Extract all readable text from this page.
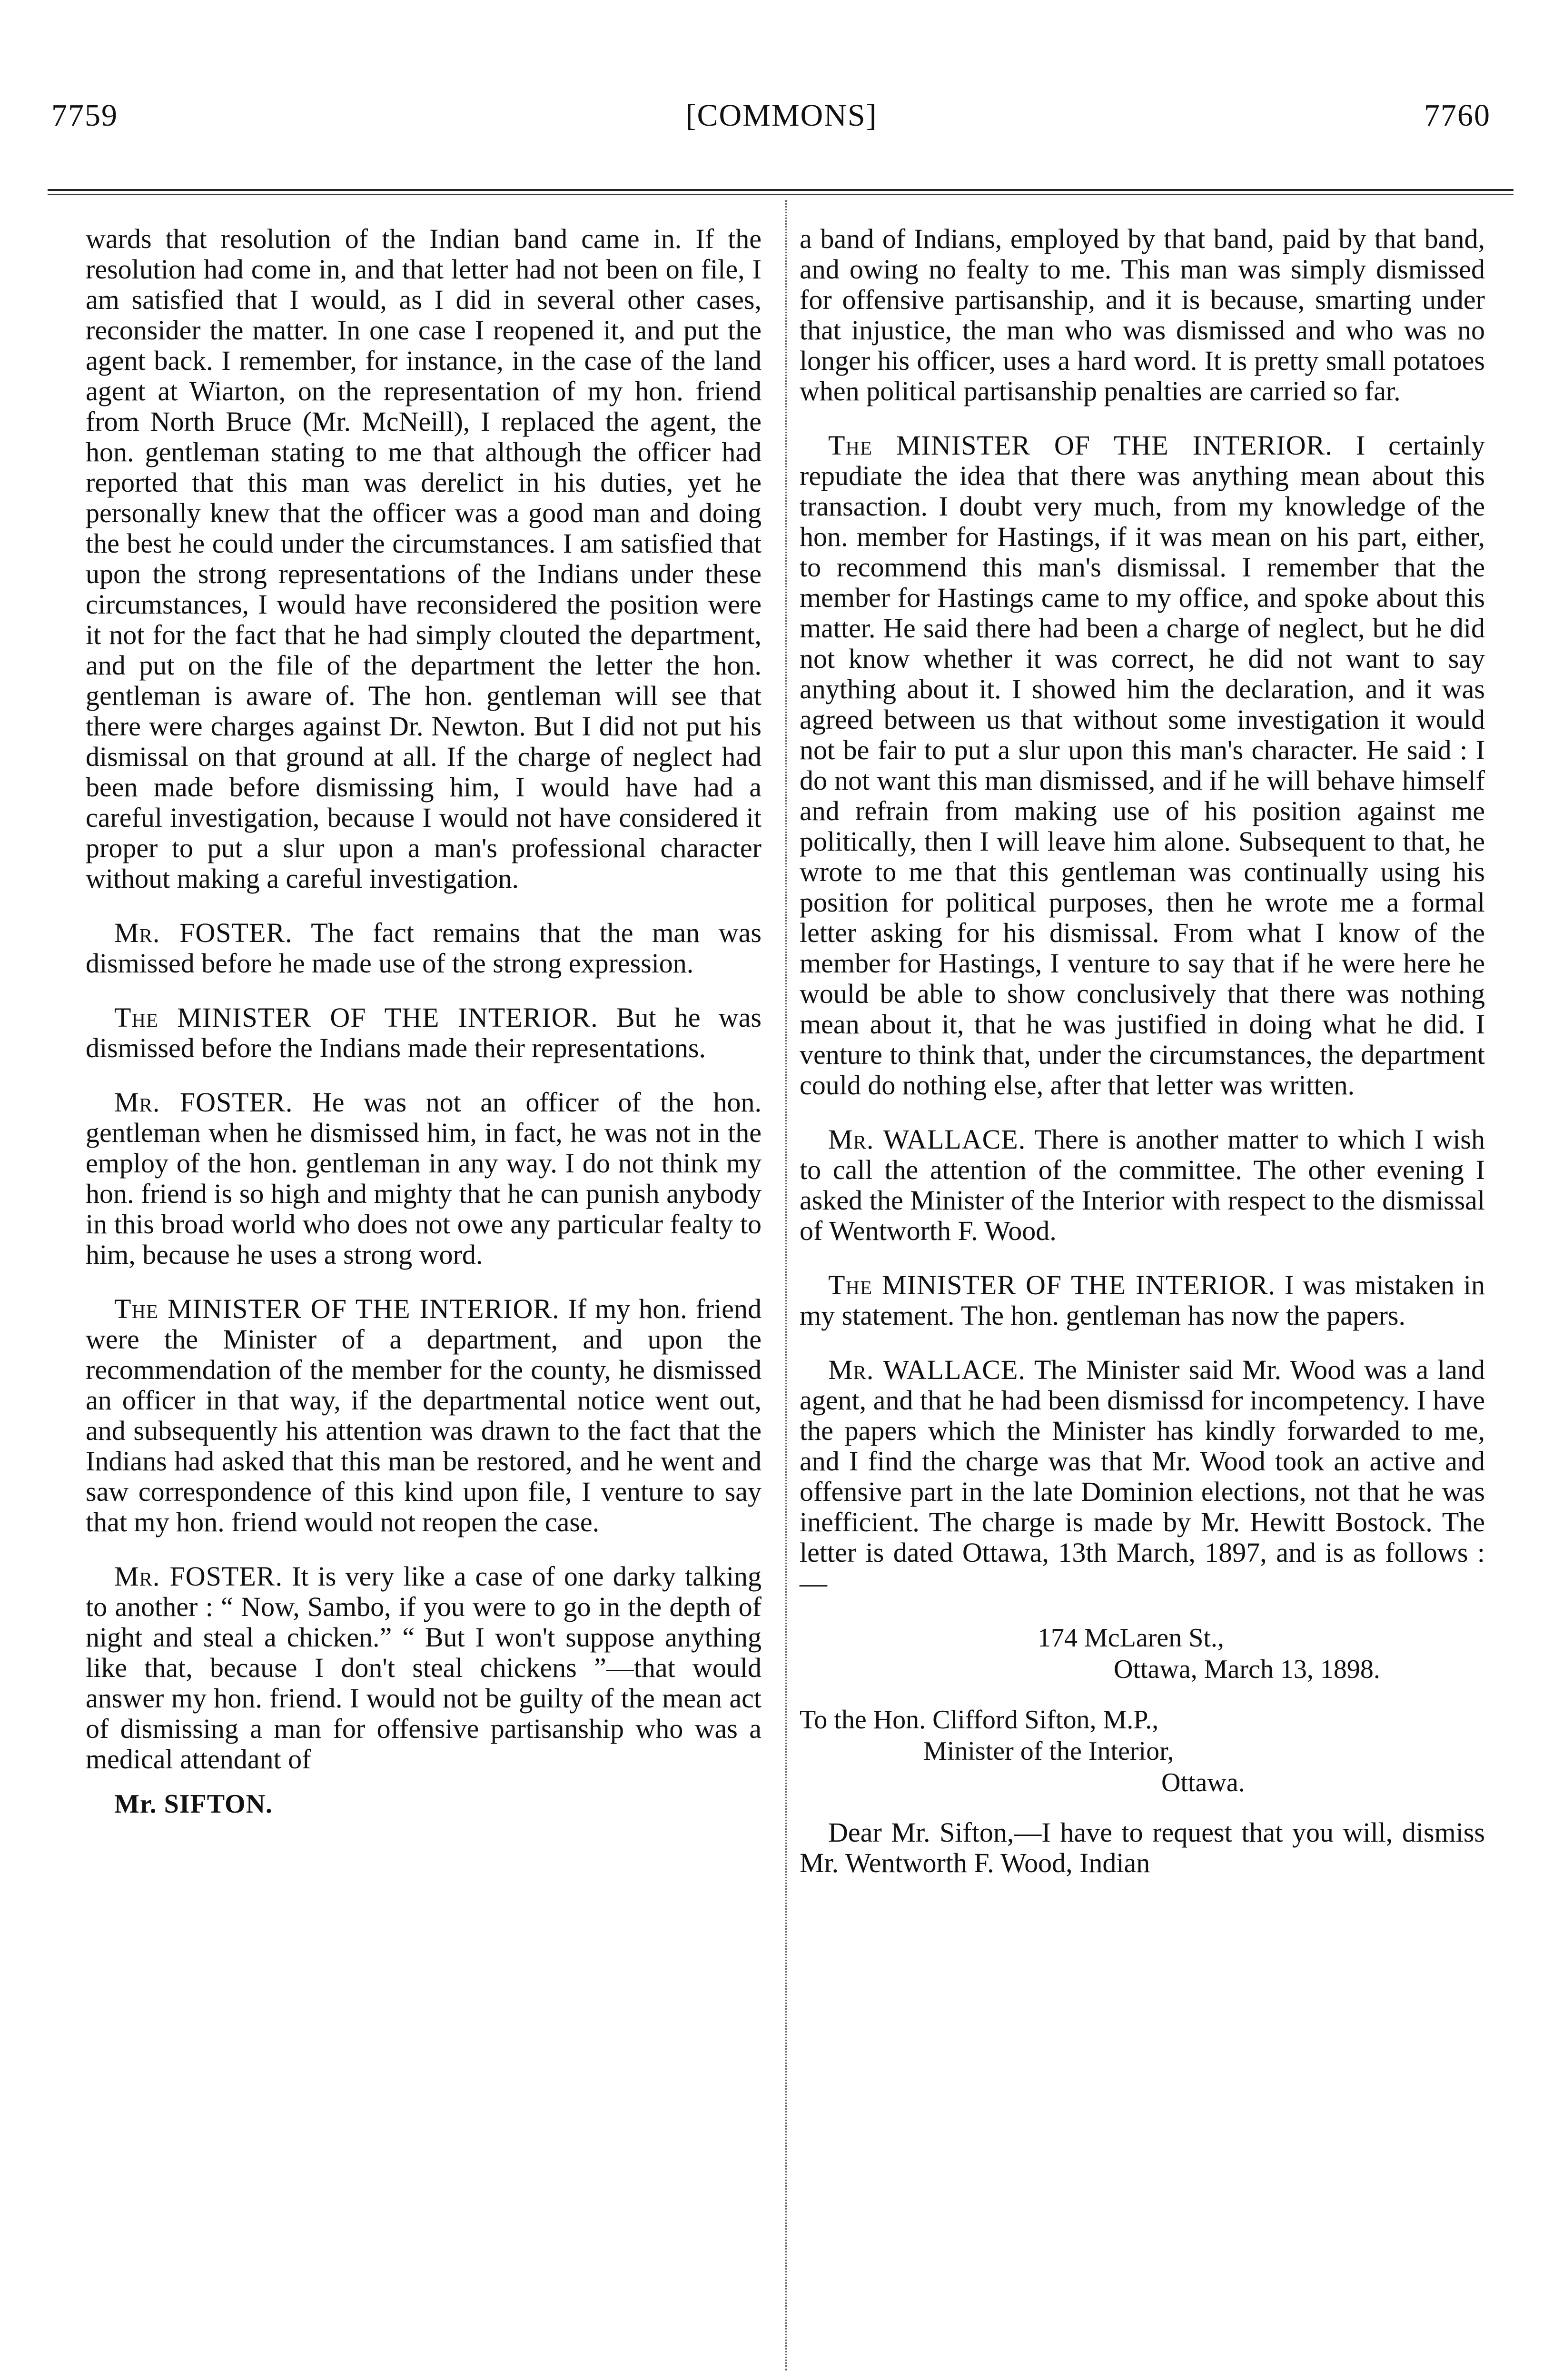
7759	[COMMONS]	7760

wards that resolution of the Indian band came in. If the resolution had come in, and that letter had not been on file, I am satisfied that I would, as I did in several other cases, reconsider the matter. In one case I reopened it, and put the agent back. I remember, for instance, in the case of the land agent at Wiarton, on the representation of my hon. friend from North Bruce (Mr. McNeill), I replaced the agent, the hon. gentleman stating to me that although the officer had reported that this man was derelict in his duties, yet he personally knew that the officer was a good man and doing the best he could under the circumstances. I am satisfied that upon the strong representations of the Indians under these circumstances, I would have reconsidered the position were it not for the fact that he had simply clouted the department, and put on the file of the department the letter the hon. gentleman is aware of. The hon. gentleman will see that there were charges against Dr. Newton. But I did not put his dismissal on that ground at all. If the charge of neglect had been made before dismissing him, I would have had a careful investigation, because I would not have considered it proper to put a slur upon a man's professional character without making a careful investigation.

Mr. FOSTER. The fact remains that the man was dismissed before he made use of the strong expression.

The MINISTER OF THE INTERIOR. But he was dismissed before the Indians made their representations.

Mr. FOSTER. He was not an officer of the hon. gentleman when he dismissed him, in fact, he was not in the employ of the hon. gentleman in any way. I do not think my hon. friend is so high and mighty that he can punish anybody in this broad world who does not owe any particular fealty to him, because he uses a strong word.

The MINISTER OF THE INTERIOR. If my hon. friend were the Minister of a department, and upon the recommendation of the member for the county, he dismissed an officer in that way, if the departmental notice went out, and subsequently his attention was drawn to the fact that the Indians had asked that this man be restored, and he went and saw correspondence of this kind upon file, I venture to say that my hon. friend would not reopen the case.

Mr. FOSTER. It is very like a case of one darky talking to another : “ Now, Sambo, if you were to go in the depth of night and steal a chicken.” “ But I won't suppose anything like that, because I don't steal chickens ”—that would answer my hon. friend. I would not be guilty of the mean act of dismissing a man for offensive partisanship who was a medical attendant of

Mr. SIFTON.

a band of Indians, employed by that band, paid by that band, and owing no fealty to me. This man was simply dismissed for offensive partisanship, and it is because, smarting under that injustice, the man who was dismissed and who was no longer his officer, uses a hard word. It is pretty small potatoes when political partisanship penalties are carried so far.

The MINISTER OF THE INTERIOR. I certainly repudiate the idea that there was anything mean about this transaction. I doubt very much, from my knowledge of the hon. member for Hastings, if it was mean on his part, either, to recommend this man's dismissal. I remember that the member for Hastings came to my office, and spoke about this matter. He said there had been a charge of neglect, but he did not know whether it was correct, he did not want to say anything about it. I showed him the declaration, and it was agreed between us that without some investigation it would not be fair to put a slur upon this man's character. He said : I do not want this man dismissed, and if he will behave himself and refrain from making use of his position against me politically, then I will leave him alone. Subsequent to that, he wrote to me that this gentleman was continually using his position for political purposes, then he wrote me a formal letter asking for his dismissal. From what I know of the member for Hastings, I venture to say that if he were here he would be able to show conclusively that there was nothing mean about it, that he was justified in doing what he did. I venture to think that, under the circumstances, the department could do nothing else, after that letter was written.

Mr. WALLACE. There is another matter to which I wish to call the attention of the committee. The other evening I asked the Minister of the Interior with respect to the dismissal of Wentworth F. Wood.

The MINISTER OF THE INTERIOR. I was mistaken in my statement. The hon. gentleman has now the papers.

Mr. WALLACE. The Minister said Mr. Wood was a land agent, and that he had been dismissd for incompetency. I have the papers which the Minister has kindly forwarded to me, and I find the charge was that Mr. Wood took an active and offensive part in the late Dominion elections, not that he was inefficient. The charge is made by Mr. Hewitt Bostock. The letter is dated Ottawa, 13th March, 1897, and is as follows :—

174 McLaren St.,
Ottawa, March 13, 1898.
To the Hon. Clifford Sifton, M.P.,
Minister of the Interior,
Ottawa.

Dear Mr. Sifton,—I have to request that you will, dismiss Mr. Wentworth F. Wood, Indian
